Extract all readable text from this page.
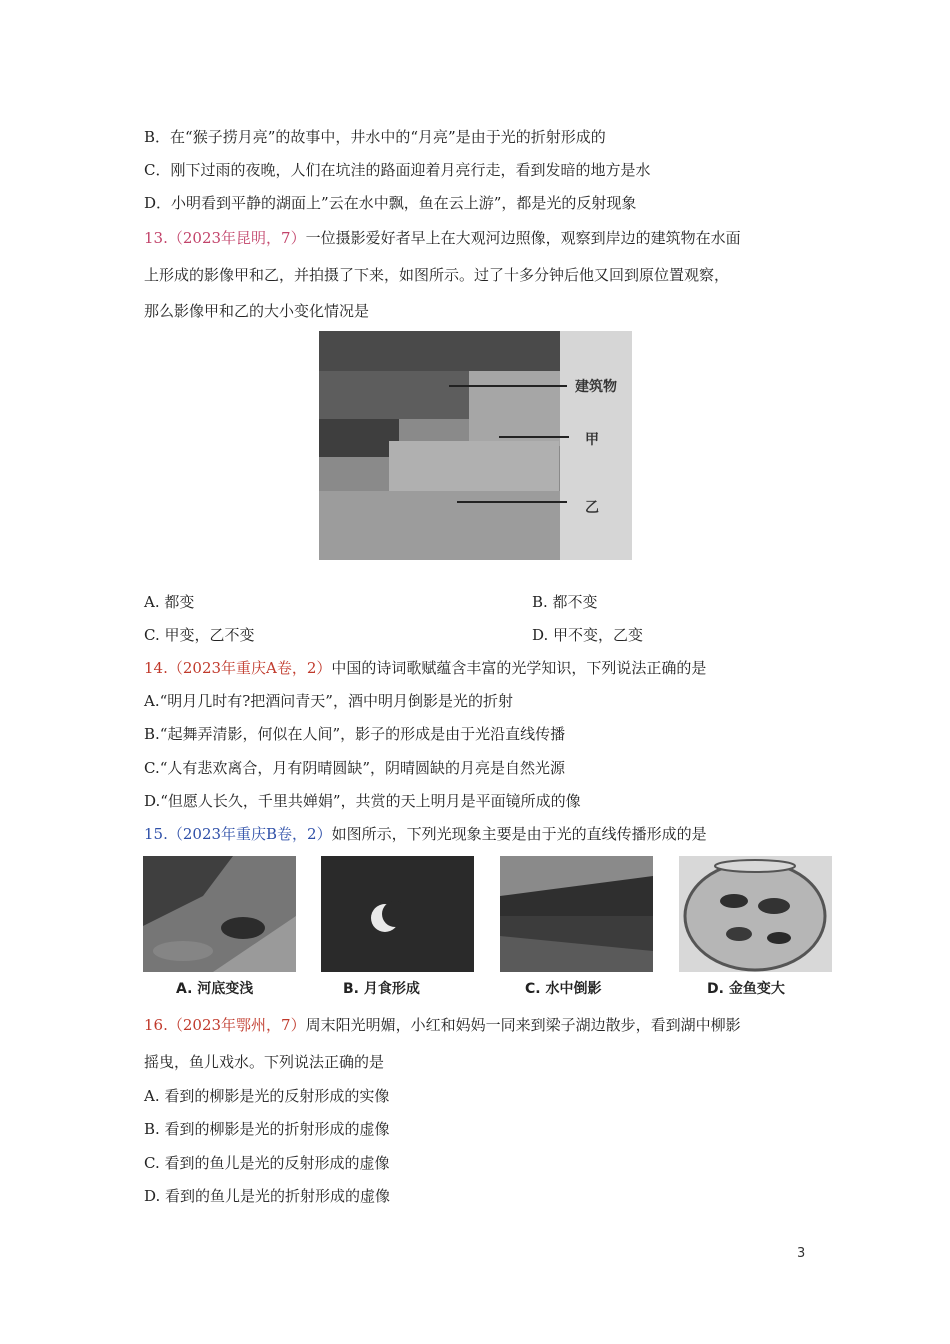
B．在“猴子捞月亮”的故事中，井水中的“月亮”是由于光的折射形成的
C．刚下过雨的夜晚，人们在坑洼的路面迎着月亮行走，看到发暗的地方是水
D．小明看到平静的湖面上”云在水中飘，鱼在云上游”，都是光的反射现象
13.（2023年昆明，7）一位摄影爱好者早上在大观河边照像，观察到岸边的建筑物在水面
上形成的影像甲和乙，并拍摄了下来，如图所示。过了十多分钟后他又回到原位置观察，
那么影像甲和乙的大小变化情况是
建筑物
甲
乙
A. 都变	B. 都不变
C. 甲变，乙不变	D. 甲不变，乙变
14.（2023年重庆A卷，2）中国的诗词歌赋蕴含丰富的光学知识，下列说法正确的是
A.“明月几时有?把酒问青天”，酒中明月倒影是光的折射
B.“起舞弄清影，何似在人间”，影子的形成是由于光沿直线传播
C.“人有悲欢离合，月有阴晴圆缺”，阴晴圆缺的月亮是自然光源
D.“但愿人长久，千里共婵娟”，共赏的天上明月是平面镜所成的像
15.（2023年重庆B卷，2）如图所示，下列光现象主要是由于光的直线传播形成的是
A. 河底变浅	B. 月食形成	C. 水中倒影	D. 金鱼变大
16.（2023年鄂州，7）周末阳光明媚，小红和妈妈一同来到梁子湖边散步，看到湖中柳影
摇曳，鱼儿戏水。下列说法正确的是
A. 看到的柳影是光的反射形成的实像
B. 看到的柳影是光的折射形成的虚像
C. 看到的鱼儿是光的反射形成的虚像
D. 看到的鱼儿是光的折射形成的虚像
3
